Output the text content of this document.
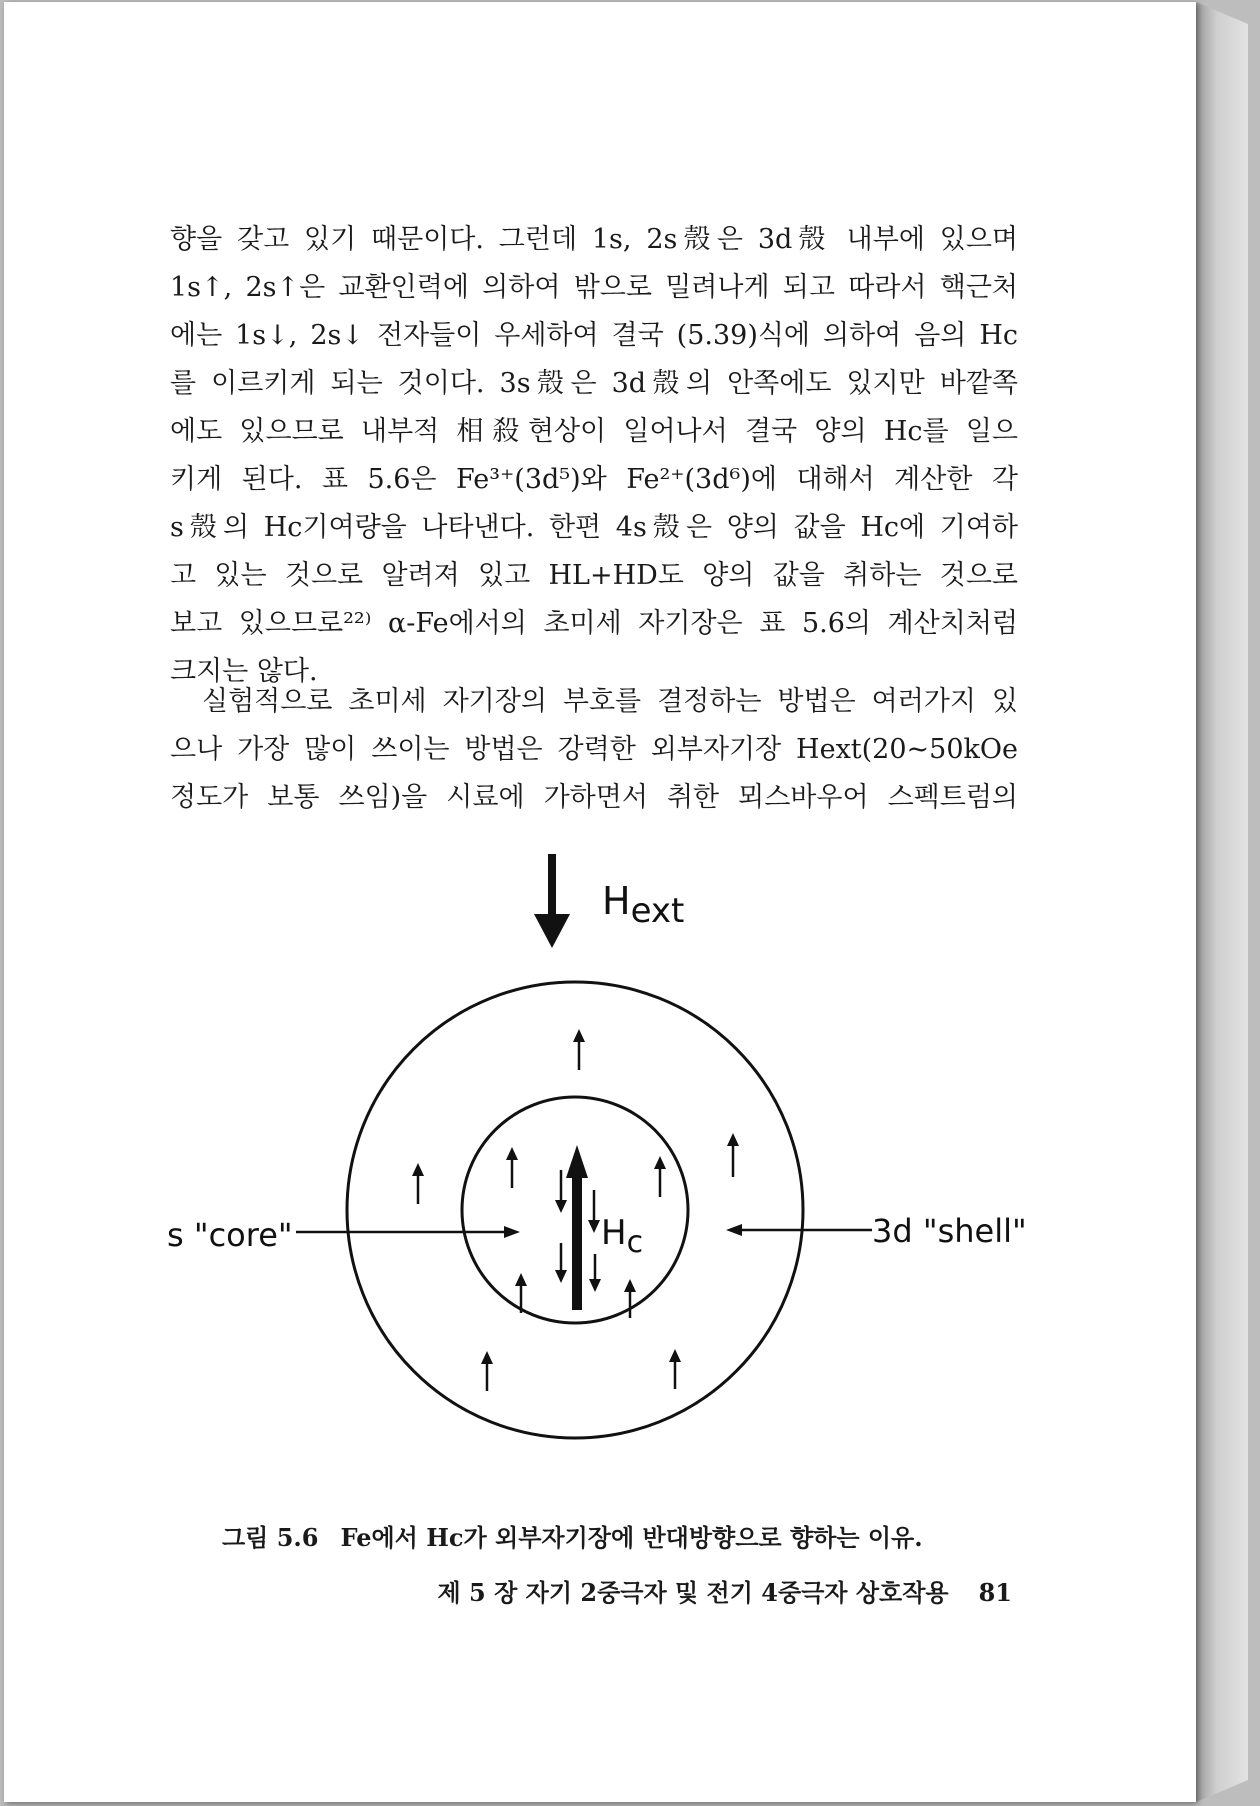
향을 갖고 있기 때문이다. 그런데 1s, 2s殼은 3d殼 내부에 있으며
1s↑, 2s↑은 교환인력에 의하여 밖으로 밀려나게 되고 따라서 핵근처
에는 1s↓, 2s↓ 전자들이 우세하여 결국 (5.39)식에 의하여 음의 Hc
를 이르키게 되는 것이다. 3s殼은 3d殼의 안쪽에도 있지만 바깥쪽
에도 있으므로 내부적 相殺현상이 일어나서 결국 양의 Hc를 일으
키게 된다. 표 5.6은 Fe³⁺(3d⁵)와 Fe²⁺(3d⁶)에 대해서 계산한 각
s殼의 Hc기여량을 나타낸다. 한편 4s殼은 양의 값을 Hc에 기여하
고 있는 것으로 알려져 있고 HL+HD도 양의 값을 취하는 것으로
보고 있으므로²²⁾ α-Fe에서의 초미세 자기장은 표 5.6의 계산치처럼
크지는 않다.
실험적으로 초미세 자기장의 부호를 결정하는 방법은 여러가지 있
으나 가장 많이 쓰이는 방법은 강력한 외부자기장 Hext(20~50kOe
정도가 보통 쓰임)을 시료에 가하면서 취한 뫼스바우어 스펙트럼의
Hext
Hc
s "core"	3d "shell"
그림 5.6 Fe에서 Hc가 외부자기장에 반대방향으로 향하는 이유.
제 5 장 자기 2중극자 및 전기 4중극자 상호작용 81
